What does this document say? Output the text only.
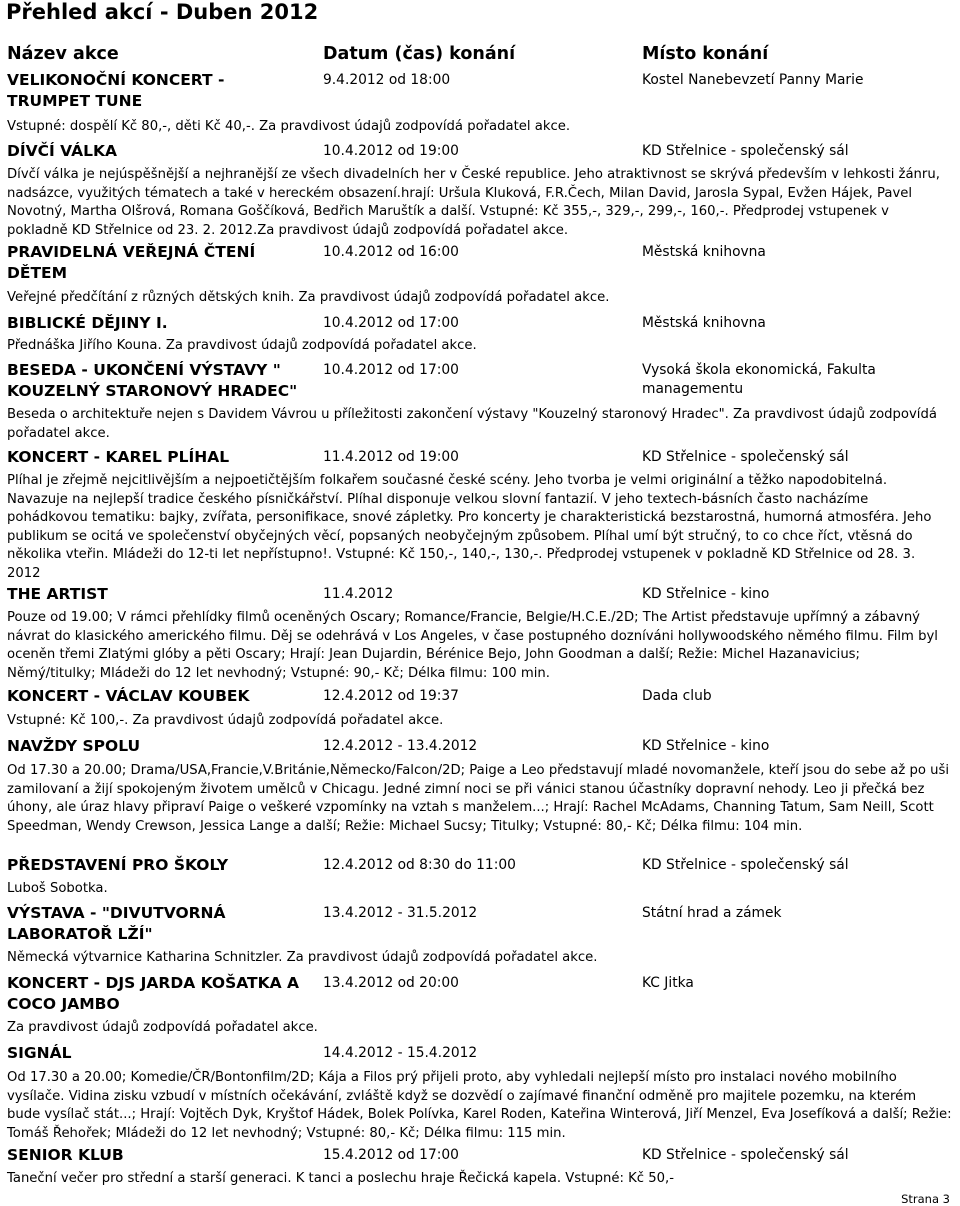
Přehled akcí - Duben 2012
Název akce	Datum (čas) konání	Místo konání
VELIKONOČNÍ KONCERT - TRUMPET TUNE
9.4.2012 od 18:00	Kostel Nanebevzetí Panny Marie
Vstupné: dospělí Kč 80,-, děti Kč 40,-. Za pravdivost údajů zodpovídá pořadatel akce.
DÍVČÍ VÁLKA	10.4.2012 od 19:00	KD Střelnice - společenský sál
Dívčí válka je nejúspěšnější a nejhranější ze všech divadelních her v České republice. Jeho atraktivnost se skrývá především v lehkosti žánru, nadsázce, využitých tématech a také v hereckém obsazení.hrají: Uršula Kluková, F.R.Čech, Milan David, Jarosla Sypal, Evžen Hájek, Pavel Novotný, Martha Olšrová, Romana Goščíková, Bedřich Maruštík a další. Vstupné: Kč 355,-, 329,-, 299,-, 160,-. Předprodej vstupenek v pokladně KD Střelnice od 23. 2. 2012.Za pravdivost údajů zodpovídá pořadatel akce.
PRAVIDELNÁ VEŘEJNÁ ČTENÍ DĚTEM
10.4.2012 od 16:00	Městská knihovna
Veřejné předčítání z různých dětských knih. Za pravdivost údajů zodpovídá pořadatel akce.
BIBLICKÉ DĚJINY I.	10.4.2012 od 17:00	Městská knihovna
Přednáška Jiřího Kouna. Za pravdivost údajů zodpovídá pořadatel akce.
BESEDA - UKONČENÍ VÝSTAVY " KOUZELNÝ STARONOVÝ HRADEC"
10.4.2012 od 17:00	Vysoká škola ekonomická, Fakulta managementu
Beseda o architektuře nejen s Davidem Vávrou u příležitosti zakončení výstavy "Kouzelný staronový Hradec". Za pravdivost údajů zodpovídá pořadatel akce.
KONCERT - KAREL PLÍHAL	11.4.2012 od 19:00	KD Střelnice - společenský sál
Plíhal je zřejmě nejcitlivějším a nejpoetičtějším folkařem současné české scény. Jeho tvorba je velmi originální a těžko napodobitelná. Navazuje na nejlepší tradice českého písničkářství. Plíhal disponuje velkou slovní fantazií. V jeho textech-básních často nacházíme pohádkovou tematiku: bajky, zvířata, personifikace, snové zápletky. Pro koncerty je charakteristická bezstarostná, humorná atmosféra. Jeho publikum se ocitá ve společenství obyčejných věcí, popsaných neobyčejným způsobem. Plíhal umí být stručný, to co chce říct, vtěsná do několika vteřin. Mládeži do 12-ti let nepřístupno!. Vstupné: Kč 150,-, 140,-, 130,-. Předprodej vstupenek v pokladně KD Střelnice od 28. 3. 2012
THE ARTIST	11.4.2012	KD Střelnice - kino
Pouze od 19.00; V rámci přehlídky filmů oceněných Oscary; Romance/Francie, Belgie/H.C.E./2D; The Artist představuje upřímný a zábavný návrat do klasického amerického filmu. Děj se odehrává v Los Angeles, v čase postupného dozníváni hollywoodského němého filmu. Film byl oceněn třemi Zlatými glóby a pěti Oscary; Hrají: Jean Dujardin, Bérénice Bejo, John Goodman a další; Režie: Michel Hazanavicius; Němý/titulky; Mládeži do 12 let nevhodný; Vstupné: 90,- Kč; Délka filmu: 100 min.
KONCERT - VÁCLAV KOUBEK	12.4.2012 od 19:37	Dada club
Vstupné: Kč 100,-. Za pravdivost údajů zodpovídá pořadatel akce.
NAVŽDY SPOLU	12.4.2012 - 13.4.2012	KD Střelnice - kino
Od 17.30 a 20.00; Drama/USA,Francie,V.Británie,Německo/Falcon/2D; Paige a Leo představují mladé novomanžele, kteří jsou do sebe až po uši zamilovaní a žijí spokojeným životem umělců v Chicagu. Jedné zimní noci se při vánici stanou účastníky dopravní nehody. Leo ji přečká bez úhony, ale úraz hlavy připraví Paige o veškeré vzpomínky na vztah s manželem...; Hrají: Rachel McAdams, Channing Tatum, Sam Neill, Scott Speedman, Wendy Crewson, Jessica Lange a další; Režie: Michael Sucsy; Titulky; Vstupné: 80,- Kč; Délka filmu: 104 min.
PŘEDSTAVENÍ PRO ŠKOLY	12.4.2012 od 8:30 do 11:00	KD Střelnice - společenský sál
Luboš Sobotka.
VÝSTAVA - "DIVUTVORNÁ LABORATOŘ LŽÍ"
13.4.2012 - 31.5.2012	Státní hrad a zámek
Německá výtvarnice Katharina Schnitzler. Za pravdivost údajů zodpovídá pořadatel akce.
KONCERT - DJS JARDA KOŠATKA A COCO JAMBO
13.4.2012 od 20:00	KC Jitka
Za pravdivost údajů zodpovídá pořadatel akce.
SIGNÁL	14.4.2012 - 15.4.2012
Od 17.30 a 20.00; Komedie/ČR/Bontonfilm/2D; Kája a Filos prý přijeli proto, aby vyhledali nejlepší místo pro instalaci nového mobilního vysílače. Vidina zisku vzbudí v místních očekávání, zvláště když se dozvědí o zajímavé finanční odměně pro majitele pozemku, na kterém bude vysílač stát...; Hrají: Vojtěch Dyk, Kryštof Hádek, Bolek Polívka, Karel Roden, Kateřina Winterová, Jiří Menzel, Eva Josefíková a další; Režie: Tomáš Řehořek; Mládeži do 12 let nevhodný; Vstupné: 80,- Kč; Délka filmu: 115 min.
SENIOR KLUB	15.4.2012 od 17:00	KD Střelnice - společenský sál
Taneční večer pro střední a starší generaci. K tanci a poslechu hraje Řečická kapela. Vstupné: Kč 50,-
Strana 3
